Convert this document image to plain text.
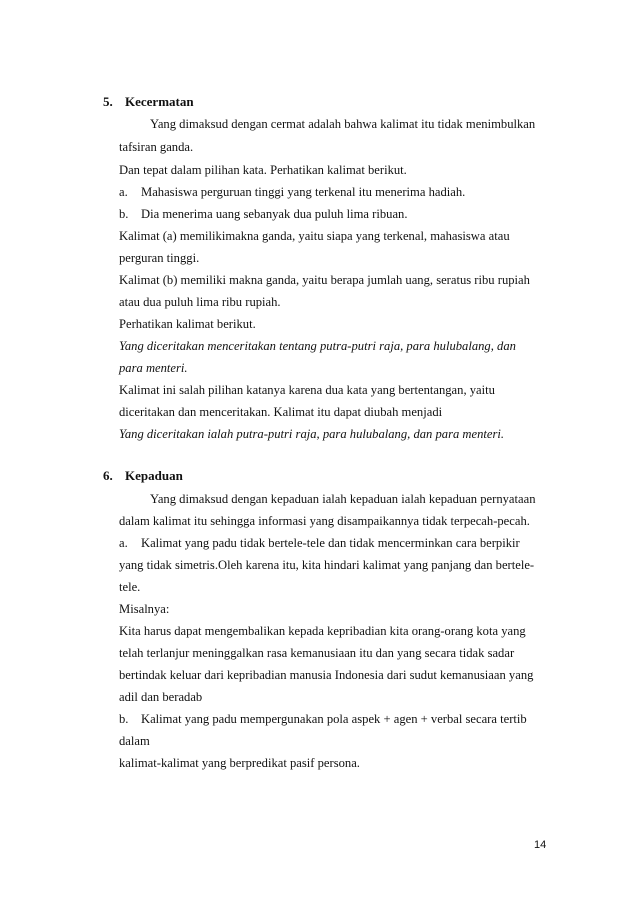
5. Kecermatan
Yang dimaksud dengan cermat adalah bahwa kalimat itu tidak menimbulkan
tafsiran ganda.
Dan tepat dalam pilihan kata. Perhatikan kalimat berikut.
a. Mahasiswa perguruan tinggi yang terkenal itu menerima hadiah.
b. Dia menerima uang sebanyak dua puluh lima ribuan.
Kalimat (a) memilikimakna ganda, yaitu siapa yang terkenal, mahasiswa atau
perguran tinggi.
Kalimat (b) memiliki makna ganda, yaitu berapa jumlah uang, seratus ribu rupiah
atau dua puluh lima ribu rupiah.
Perhatikan kalimat berikut.
Yang diceritakan menceritakan tentang putra-putri raja, para hulubalang, dan
para menteri.
Kalimat ini salah pilihan katanya karena dua kata yang bertentangan, yaitu
diceritakan dan menceritakan. Kalimat itu dapat diubah menjadi
Yang diceritakan ialah putra-putri raja, para hulubalang, dan para menteri.
6. Kepaduan
Yang dimaksud dengan kepaduan ialah kepaduan ialah kepaduan pernyataan
dalam kalimat itu sehingga informasi yang disampaikannya tidak terpecah-pecah.
a. Kalimat yang padu tidak bertele-tele dan tidak mencerminkan cara berpikir
yang tidak simetris.Oleh karena itu, kita hindari kalimat yang panjang dan bertele-
tele.
Misalnya:
Kita harus dapat mengembalikan kepada kepribadian kita orang-orang kota yang
telah terlanjur meninggalkan rasa kemanusiaan itu dan yang secara tidak sadar
bertindak keluar dari kepribadian manusia Indonesia dari sudut kemanusiaan yang
adil dan beradab
b. Kalimat yang padu mempergunakan pola aspek + agen + verbal secara tertib
dalam
kalimat-kalimat yang berpredikat pasif persona.
14
